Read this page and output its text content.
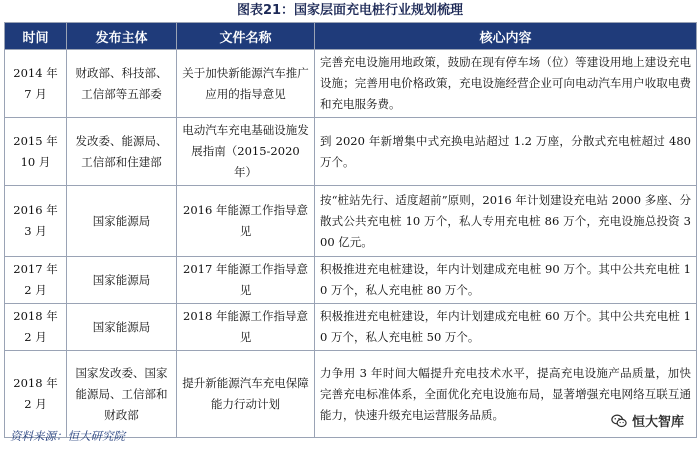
图表21：国家层面充电桩行业规划梳理
时间	发布主体	文件名称	核心内容
2014 年 7 月	财政部、科技部、工信部等五部委	关于加快新能源汽车推广应用的指导意见	完善充电设施用地政策，鼓励在现有停车场（位）等建设用地上建设充电设施；完善用电价格政策，充电设施经营企业可向电动汽车用户收取电费和充电服务费。
2015 年 10 月	发改委、能源局、工信部和住建部	电动汽车充电基础设施发展指南（2015-2020 年）	到 2020 年新增集中式充换电站超过 1.2 万座，分散式充电桩超过 480 万个。
2016 年 3 月	国家能源局	2016 年能源工作指导意见	按“桩站先行、适度超前”原则，2016 年计划建设充电站 2000 多座、分散式公共充电桩 10 万个，私人专用充电桩 86 万个，充电设施总投资 300 亿元。
2017 年 2 月	国家能源局	2017 年能源工作指导意见	积极推进充电桩建设，年内计划建成充电桩 90 万个。其中公共充电桩 10 万个，私人充电桩 80 万个。
2018 年 2 月	国家能源局	2018 年能源工作指导意见	积极推进充电桩建设，年内计划建成充电桩 60 万个。其中公共充电桩 10 万个，私人充电桩 50 万个。
2018 年 2 月	国家发改委、国家能源局、工信部和财政部	提升新能源汽车充电保障能力行动计划	力争用 3 年时间大幅提升充电技术水平，提高充电设施产品质量，加快完善充电标准体系，全面优化充电设施布局，显著增强充电网络互联互通能力，快速升级充电运营服务品质。
资料来源：恒大研究院
恒大智库
